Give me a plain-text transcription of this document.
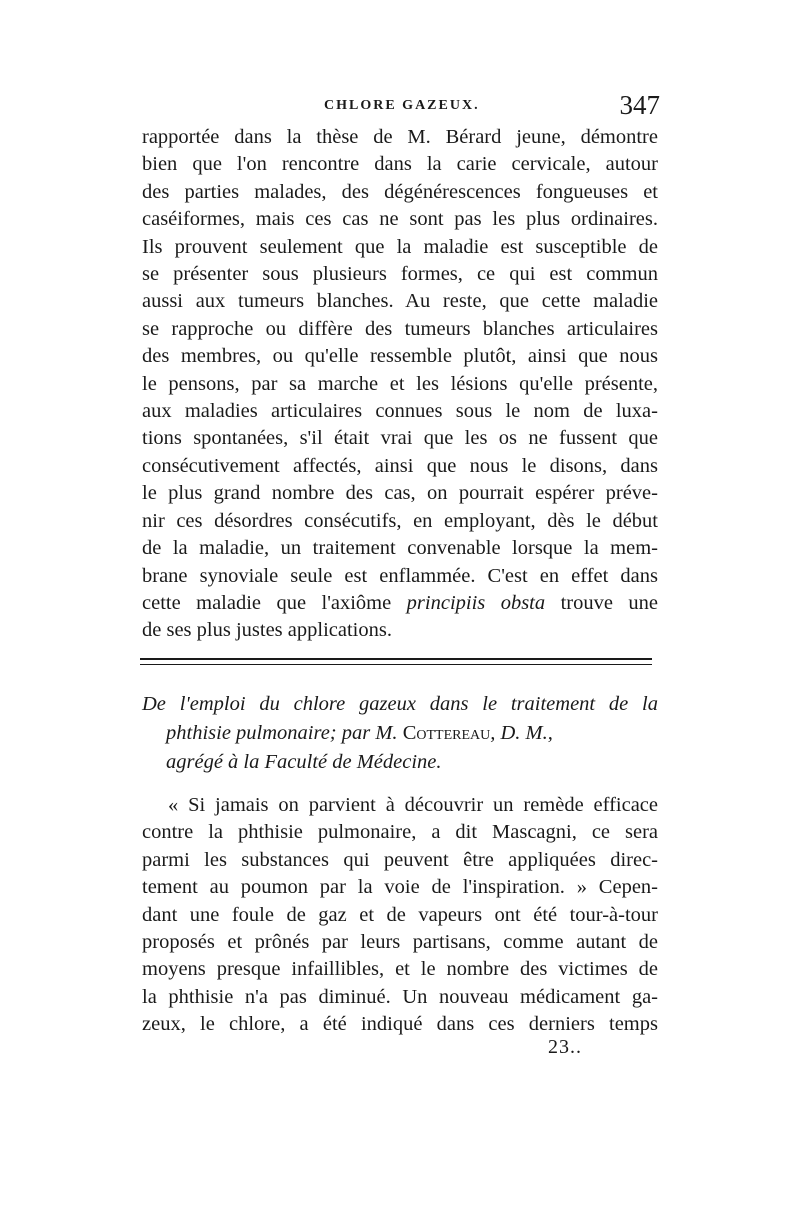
CHLORE GAZEUX.	347
rapportée dans la thèse de M. Bérard jeune, démontre
bien que l'on rencontre dans la carie cervicale, autour
des parties malades, des dégénérescences fongueuses et
caséiformes, mais ces cas ne sont pas les plus ordinaires.
Ils prouvent seulement que la maladie est susceptible de
se présenter sous plusieurs formes, ce qui est commun
aussi aux tumeurs blanches. Au reste, que cette maladie
se rapproche ou diffère des tumeurs blanches articulaires
des membres, ou qu'elle ressemble plutôt, ainsi que nous
le pensons, par sa marche et les lésions qu'elle présente,
aux maladies articulaires connues sous le nom de luxa-
tions spontanées, s'il était vrai que les os ne fussent que
consécutivement affectés, ainsi que nous le disons, dans
le plus grand nombre des cas, on pourrait espérer préve-
nir ces désordres consécutifs, en employant, dès le début
de la maladie, un traitement convenable lorsque la mem-
brane synoviale seule est enflammée. C'est en effet dans
cette maladie que l'axiôme principiis obsta trouve une
de ses plus justes applications.
De l'emploi du chlore gazeux dans le traitement de la
phthisie pulmonaire; par M. Cottereau, D. M.,
agrégé à la Faculté de Médecine.
« Si jamais on parvient à découvrir un remède efficace
contre la phthisie pulmonaire, a dit Mascagni, ce sera
parmi les substances qui peuvent être appliquées direc-
tement au poumon par la voie de l'inspiration. » Cepen-
dant une foule de gaz et de vapeurs ont été tour-à-tour
proposés et prônés par leurs partisans, comme autant de
moyens presque infaillibles, et le nombre des victimes de
la phthisie n'a pas diminué. Un nouveau médicament ga-
zeux, le chlore, a été indiqué dans ces derniers temps
23..
